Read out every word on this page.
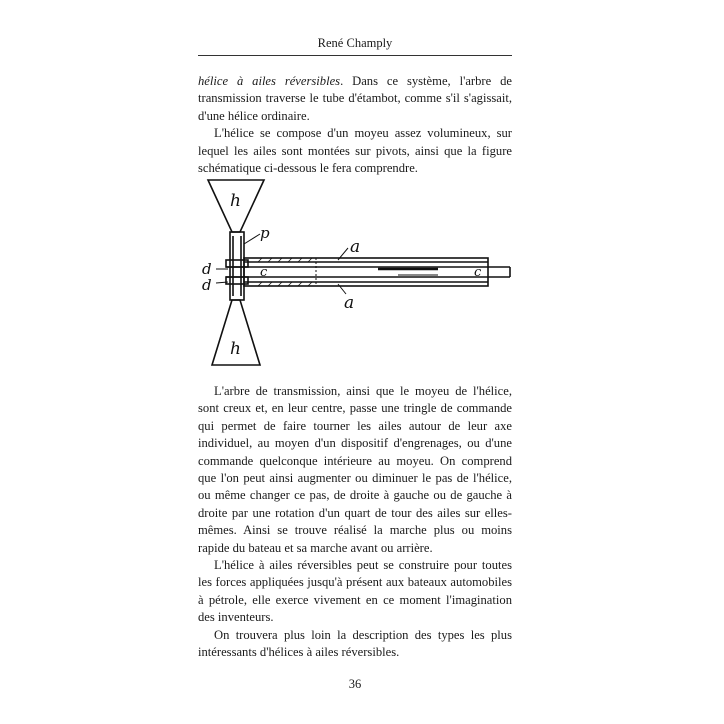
René Champly

hélice à ailes réversibles. Dans ce système, l'arbre de transmission traverse le tube d'étambot, comme s'il s'agissait, d'une hélice ordinaire.

L'hélice se compose d'un moyeu assez volumineux, sur lequel les ailes sont montées sur pivots, ainsi que la figure schématique ci-dessous le fera comprendre.

h
h
p
a
a
c	c
d
d

L'arbre de transmission, ainsi que le moyeu de l'hélice, sont creux et, en leur centre, passe une tringle de commande qui permet de faire tourner les ailes autour de leur axe individuel, au moyen d'un dispositif d'engrenages, ou d'une commande quelconque intérieure au moyeu. On comprend que l'on peut ainsi augmenter ou diminuer le pas de l'hélice, ou même changer ce pas, de droite à gauche ou de gauche à droite par une rotation d'un quart de tour des ailes sur elles-mêmes. Ainsi se trouve réalisé la marche plus ou moins rapide du bateau et sa marche avant ou arrière.

L'hélice à ailes réversibles peut se construire pour toutes les forces appliquées jusqu'à présent aux bateaux automobiles à pétrole, elle exerce vivement en ce moment l'imagination des inventeurs.

On trouvera plus loin la description des types les plus intéressants d'hélices à ailes réversibles.

36
